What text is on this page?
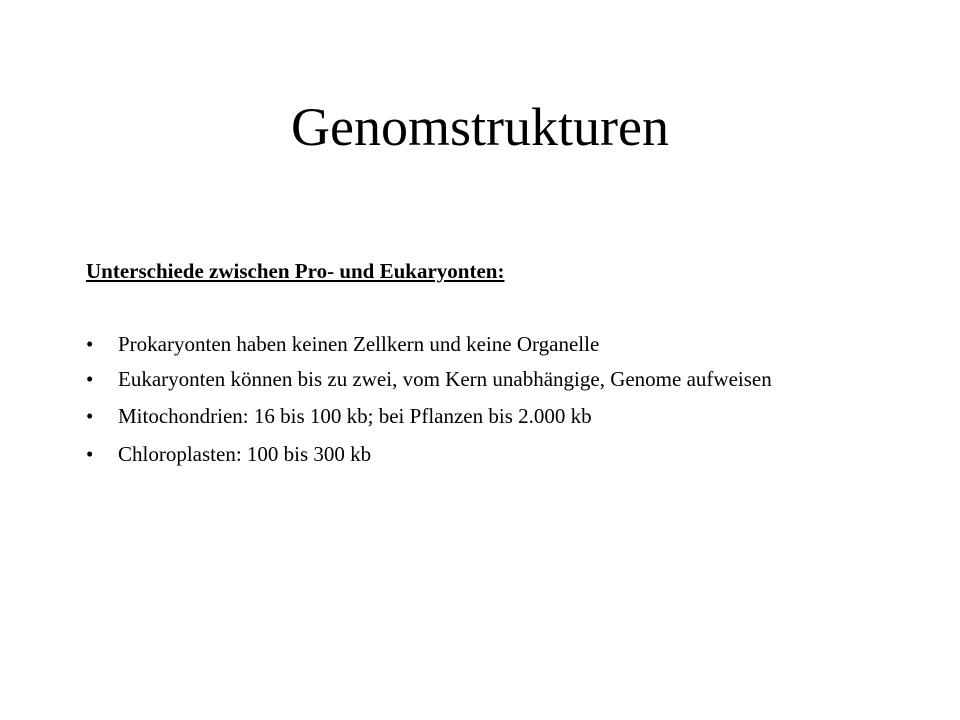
Genomstrukturen

Unterschiede zwischen Pro- und Eukaryonten:

•	Prokaryonten haben keinen Zellkern und keine Organelle
•	Eukaryonten können bis zu zwei, vom Kern unabhängige, Genome aufweisen
•	Mitochondrien: 16 bis 100 kb; bei Pflanzen bis 2.000 kb
•	Chloroplasten: 100 bis 300 kb
